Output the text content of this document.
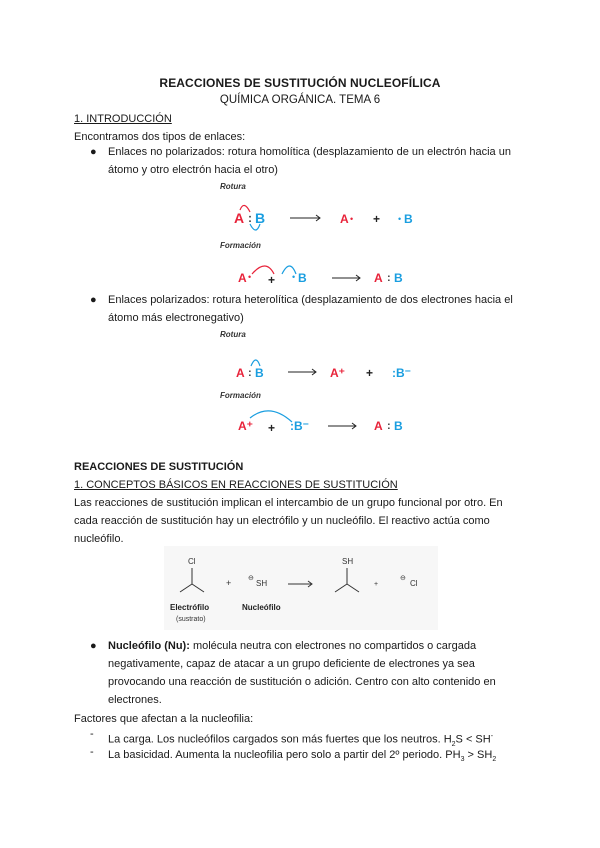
REACCIONES DE SUSTITUCIÓN NUCLEOFÍLICA
QUÍMICA ORGÁNICA. TEMA 6
1. INTRODUCCIÓN
Encontramos dos tipos de enlaces:
● Enlaces no polarizados: rotura homolítica (desplazamiento de un electrón hacia un
átomo y otro electrón hacia el otro)
Rotura
A : B	A • + • B
Formación
A • + • B	A : B
● Enlaces polarizados: rotura heterolítica (desplazamiento de dos electrones hacia el
átomo más electronegativo)
Rotura
A : B	A⁺ + :B⁻
Formación
A⁺ + :B⁻	A : B
REACCIONES DE SUSTITUCIÓN
1. CONCEPTOS BÁSICOS EN REACCIONES DE SUSTITUCIÓN
Las reacciones de sustitución implican el intercambio de un grupo funcional por otro. En
cada reacción de sustitución hay un electrófilo y un nucleófilo. El reactivo actúa como
nucleófilo.
Cl
+ ⊖
SH
SH
+
⊖
Cl
Electrófilo
(sustrato)
Nucleófilo
● Nucleófilo (Nu): molécula neutra con electrones no compartidos o cargada
negativamente, capaz de atacar a un grupo deficiente de electrones ya sea
provocando una reacción de sustitución o adición. Centro con alto contenido en
electrones.
Factores que afectan a la nucleofilia:
- La carga. Los nucleófilos cargados son más fuertes que los neutros. $H_2S < SH^-$
- La basicidad. Aumenta la nucleofilia pero solo a partir del 2º periodo. $PH_3 > SH_2$
